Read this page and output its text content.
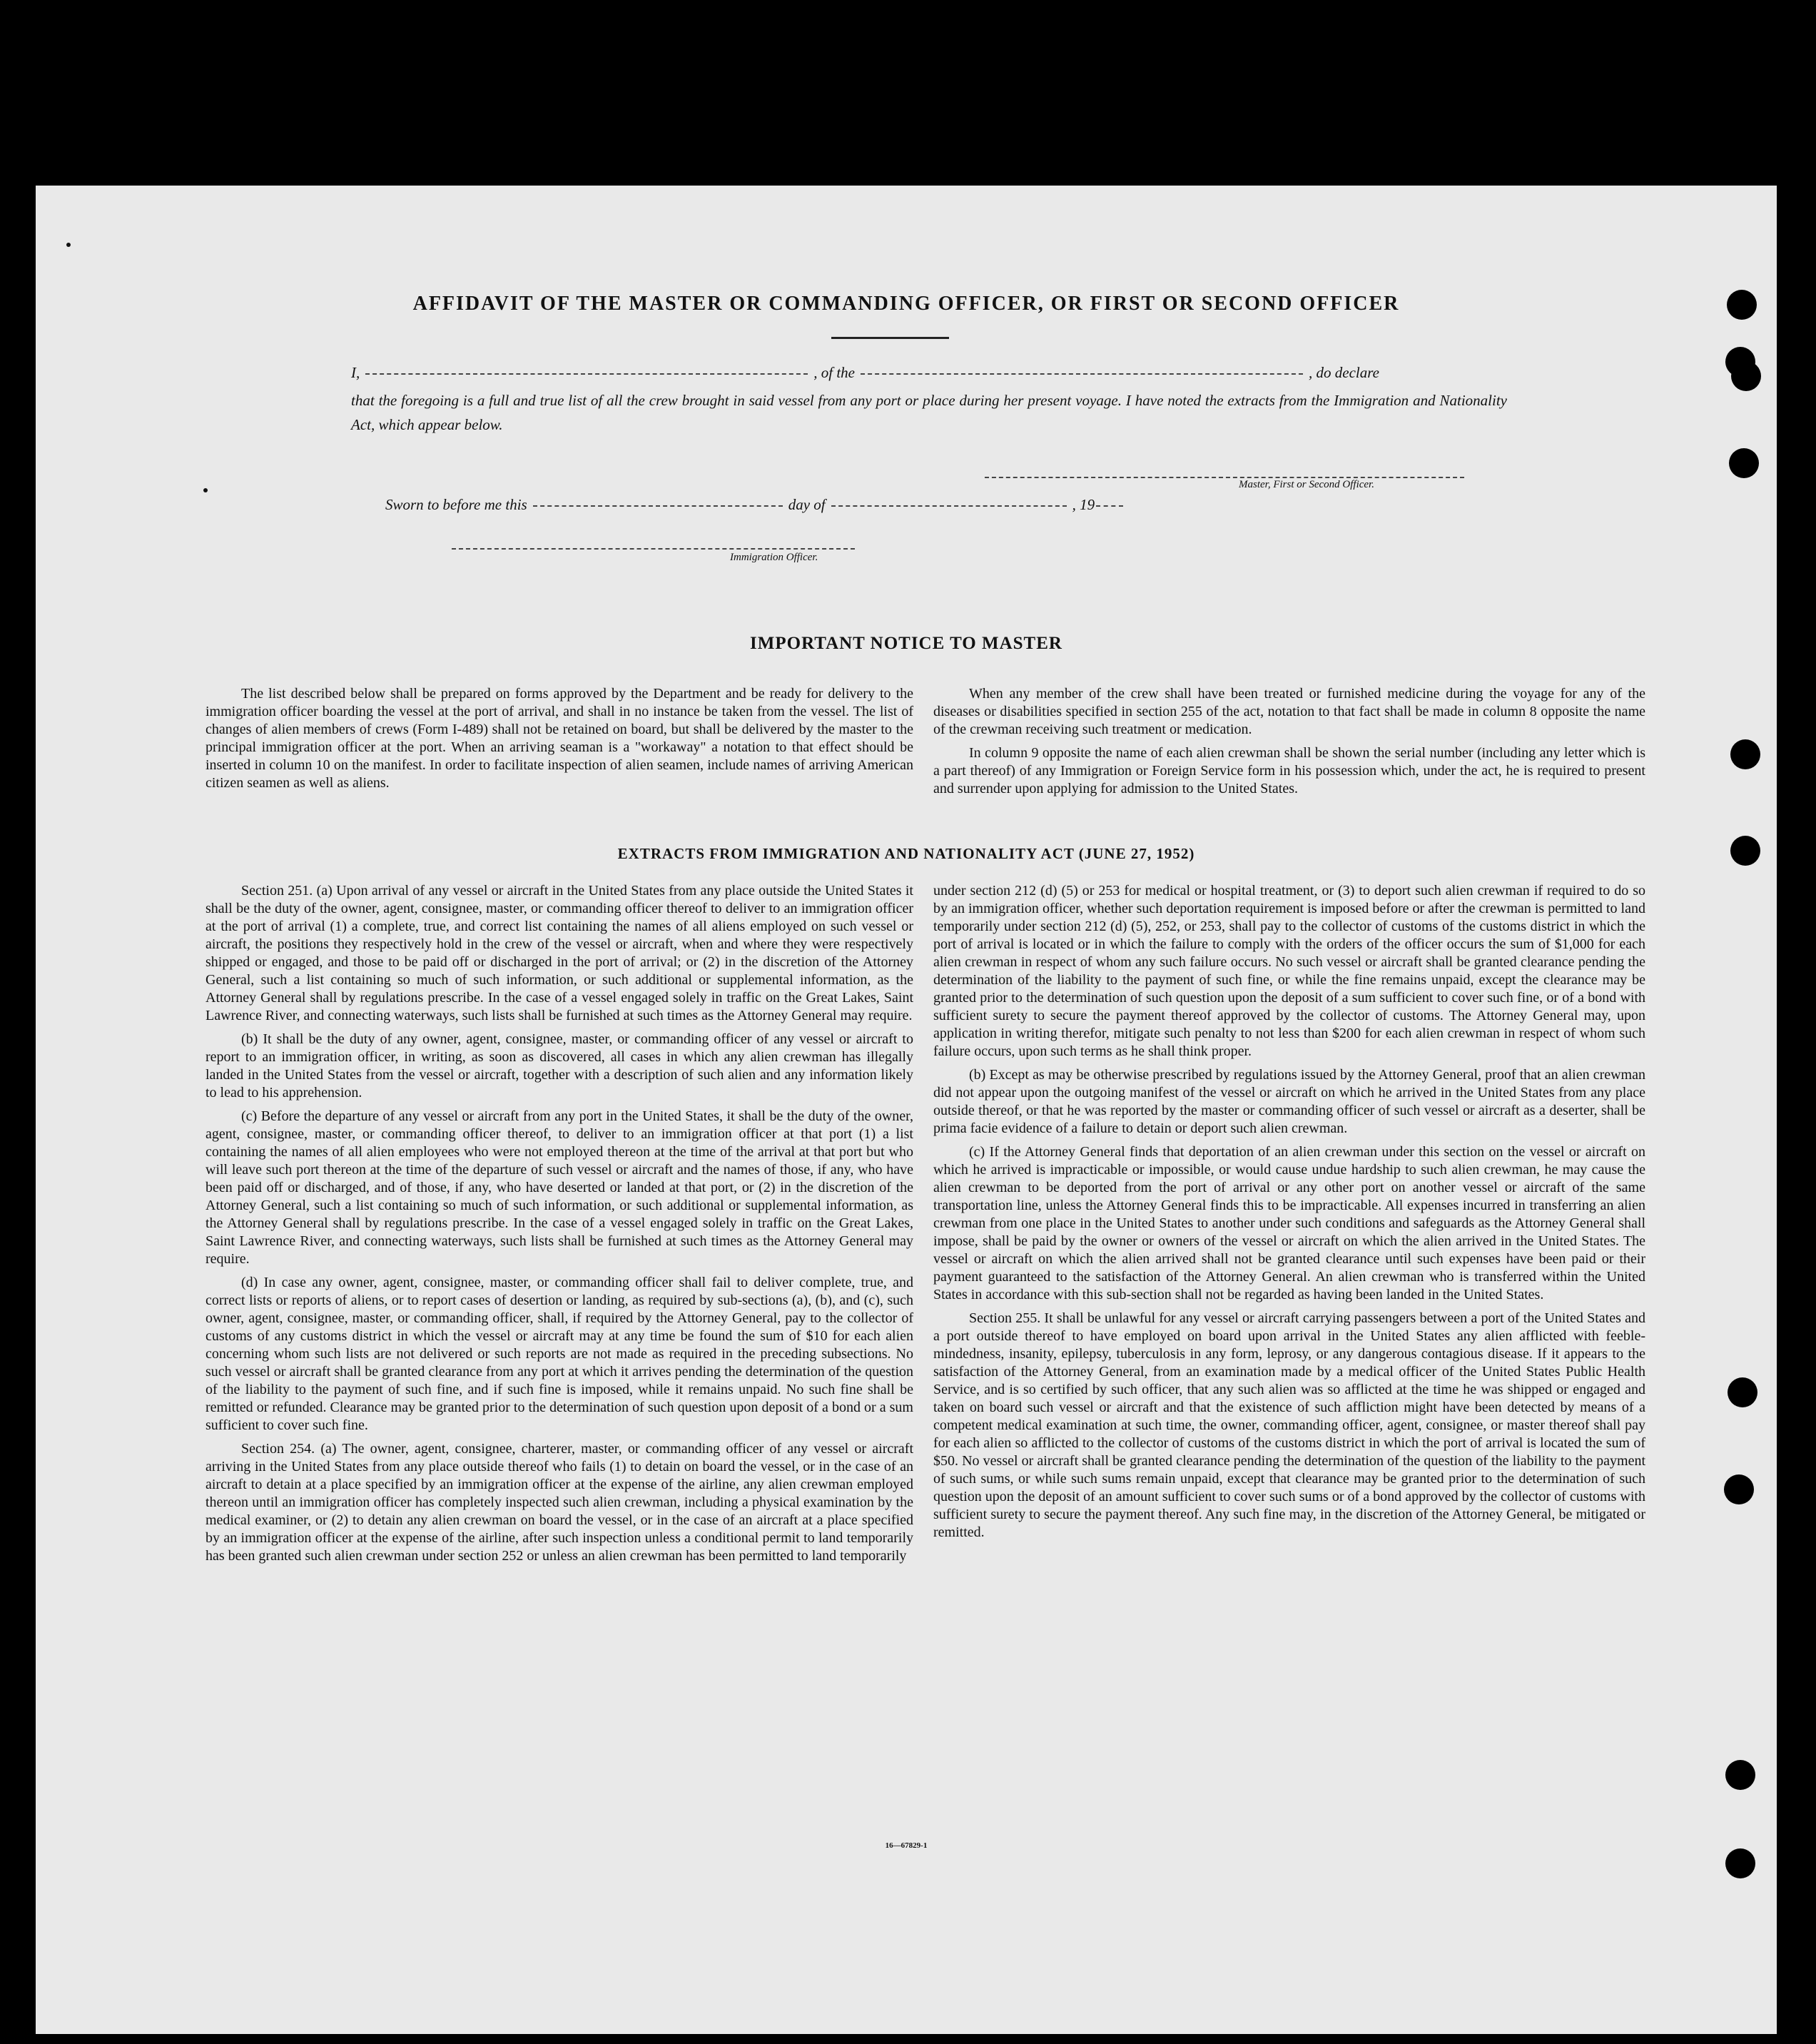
AFFIDAVIT OF THE MASTER OR COMMANDING OFFICER, OR FIRST OR SECOND OFFICER
I,	, of the	, do declare

that the foregoing is a full and true list of all the crew brought in said vessel from any port or place during her present voyage. I have noted the extracts from the Immigration and Nationality Act, which appear below.

Master, First or Second Officer.
Sworn to before me this	day of	, 19
Immigration Officer.
IMPORTANT NOTICE TO MASTER

The list described below shall be prepared on forms approved by the Department and be ready for delivery to the immigration officer boarding the vessel at the port of arrival, and shall in no instance be taken from the vessel. The list of changes of alien members of crews (Form I-489) shall not be retained on board, but shall be delivered by the master to the principal immigration officer at the port. When an arriving seaman is a "workaway" a notation to that effect should be inserted in column 10 on the manifest. In order to facilitate inspection of alien seamen, include names of arriving American citizen seamen as well as aliens.

When any member of the crew shall have been treated or furnished medicine during the voyage for any of the diseases or disabilities specified in section 255 of the act, notation to that fact shall be made in column 8 opposite the name of the crewman receiving such treatment or medication.

In column 9 opposite the name of each alien crewman shall be shown the serial number (including any letter which is a part thereof) of any Immigration or Foreign Service form in his possession which, under the act, he is required to present and surrender upon applying for admission to the United States.

EXTRACTS FROM IMMIGRATION AND NATIONALITY ACT (JUNE 27, 1952)

Section 251. (a) Upon arrival of any vessel or aircraft in the United States from any place outside the United States it shall be the duty of the owner, agent, consignee, master, or commanding officer thereof to deliver to an immigration officer at the port of arrival (1) a complete, true, and correct list containing the names of all aliens employed on such vessel or aircraft, the positions they respectively hold in the crew of the vessel or aircraft, when and where they were respectively shipped or engaged, and those to be paid off or discharged in the port of arrival; or (2) in the discretion of the Attorney General, such a list containing so much of such information, or such additional or supplemental information, as the Attorney General shall by regulations prescribe. In the case of a vessel engaged solely in traffic on the Great Lakes, Saint Lawrence River, and connecting waterways, such lists shall be furnished at such times as the Attorney General may require.

(b) It shall be the duty of any owner, agent, consignee, master, or commanding officer of any vessel or aircraft to report to an immigration officer, in writing, as soon as discovered, all cases in which any alien crewman has illegally landed in the United States from the vessel or aircraft, together with a description of such alien and any information likely to lead to his apprehension.

(c) Before the departure of any vessel or aircraft from any port in the United States, it shall be the duty of the owner, agent, consignee, master, or commanding officer thereof, to deliver to an immigration officer at that port (1) a list containing the names of all alien employees who were not employed thereon at the time of the arrival at that port but who will leave such port thereon at the time of the departure of such vessel or aircraft and the names of those, if any, who have been paid off or discharged, and of those, if any, who have deserted or landed at that port, or (2) in the discretion of the Attorney General, such a list containing so much of such information, or such additional or supplemental information, as the Attorney General shall by regulations prescribe. In the case of a vessel engaged solely in traffic on the Great Lakes, Saint Lawrence River, and connecting waterways, such lists shall be furnished at such times as the Attorney General may require.

(d) In case any owner, agent, consignee, master, or commanding officer shall fail to deliver complete, true, and correct lists or reports of aliens, or to report cases of desertion or landing, as required by sub-sections (a), (b), and (c), such owner, agent, consignee, master, or commanding officer, shall, if required by the Attorney General, pay to the collector of customs of any customs district in which the vessel or aircraft may at any time be found the sum of $10 for each alien concerning whom such lists are not delivered or such reports are not made as required in the preceding subsections. No such vessel or aircraft shall be granted clearance from any port at which it arrives pending the determination of the question of the liability to the payment of such fine, and if such fine is imposed, while it remains unpaid. No such fine shall be remitted or refunded. Clearance may be granted prior to the determination of such question upon deposit of a bond or a sum sufficient to cover such fine.

Section 254. (a) The owner, agent, consignee, charterer, master, or commanding officer of any vessel or aircraft arriving in the United States from any place outside thereof who fails (1) to detain on board the vessel, or in the case of an aircraft to detain at a place specified by an immigration officer at the expense of the airline, any alien crewman employed thereon until an immigration officer has completely inspected such alien crewman, including a physical examination by the medical examiner, or (2) to detain any alien crewman on board the vessel, or in the case of an aircraft at a place specified by an immigration officer at the expense of the airline, after such inspection unless a conditional permit to land temporarily has been granted such alien crewman under section 252 or unless an alien crewman has been permitted to land temporarily

under section 212 (d) (5) or 253 for medical or hospital treatment, or (3) to deport such alien crewman if required to do so by an immigration officer, whether such deportation requirement is imposed before or after the crewman is permitted to land temporarily under section 212 (d) (5), 252, or 253, shall pay to the collector of customs of the customs district in which the port of arrival is located or in which the failure to comply with the orders of the officer occurs the sum of $1,000 for each alien crewman in respect of whom any such failure occurs. No such vessel or aircraft shall be granted clearance pending the determination of the liability to the payment of such fine, or while the fine remains unpaid, except the clearance may be granted prior to the determination of such question upon the deposit of a sum sufficient to cover such fine, or of a bond with sufficient surety to secure the payment thereof approved by the collector of customs. The Attorney General may, upon application in writing therefor, mitigate such penalty to not less than $200 for each alien crewman in respect of whom such failure occurs, upon such terms as he shall think proper.

(b) Except as may be otherwise prescribed by regulations issued by the Attorney General, proof that an alien crewman did not appear upon the outgoing manifest of the vessel or aircraft on which he arrived in the United States from any place outside thereof, or that he was reported by the master or commanding officer of such vessel or aircraft as a deserter, shall be prima facie evidence of a failure to detain or deport such alien crewman.

(c) If the Attorney General finds that deportation of an alien crewman under this section on the vessel or aircraft on which he arrived is impracticable or impossible, or would cause undue hardship to such alien crewman, he may cause the alien crewman to be deported from the port of arrival or any other port on another vessel or aircraft of the same transportation line, unless the Attorney General finds this to be impracticable. All expenses incurred in transferring an alien crewman from one place in the United States to another under such conditions and safeguards as the Attorney General shall impose, shall be paid by the owner or owners of the vessel or aircraft on which the alien arrived in the United States. The vessel or aircraft on which the alien arrived shall not be granted clearance until such expenses have been paid or their payment guaranteed to the satisfaction of the Attorney General. An alien crewman who is transferred within the United States in accordance with this sub-section shall not be regarded as having been landed in the United States.

Section 255. It shall be unlawful for any vessel or aircraft carrying passengers between a port of the United States and a port outside thereof to have employed on board upon arrival in the United States any alien afflicted with feeble-mindedness, insanity, epilepsy, tuberculosis in any form, leprosy, or any dangerous contagious disease. If it appears to the satisfaction of the Attorney General, from an examination made by a medical officer of the United States Public Health Service, and is so certified by such officer, that any such alien was so afflicted at the time he was shipped or engaged and taken on board such vessel or aircraft and that the existence of such affliction might have been detected by means of a competent medical examination at such time, the owner, commanding officer, agent, consignee, or master thereof shall pay for each alien so afflicted to the collector of customs of the customs district in which the port of arrival is located the sum of $50. No vessel or aircraft shall be granted clearance pending the determination of the question of the liability to the payment of such sums, or while such sums remain unpaid, except that clearance may be granted prior to the determination of such question upon the deposit of an amount sufficient to cover such sums or of a bond approved by the collector of customs with sufficient surety to secure the payment thereof. Any such fine may, in the discretion of the Attorney General, be mitigated or remitted.

16—67829-1
